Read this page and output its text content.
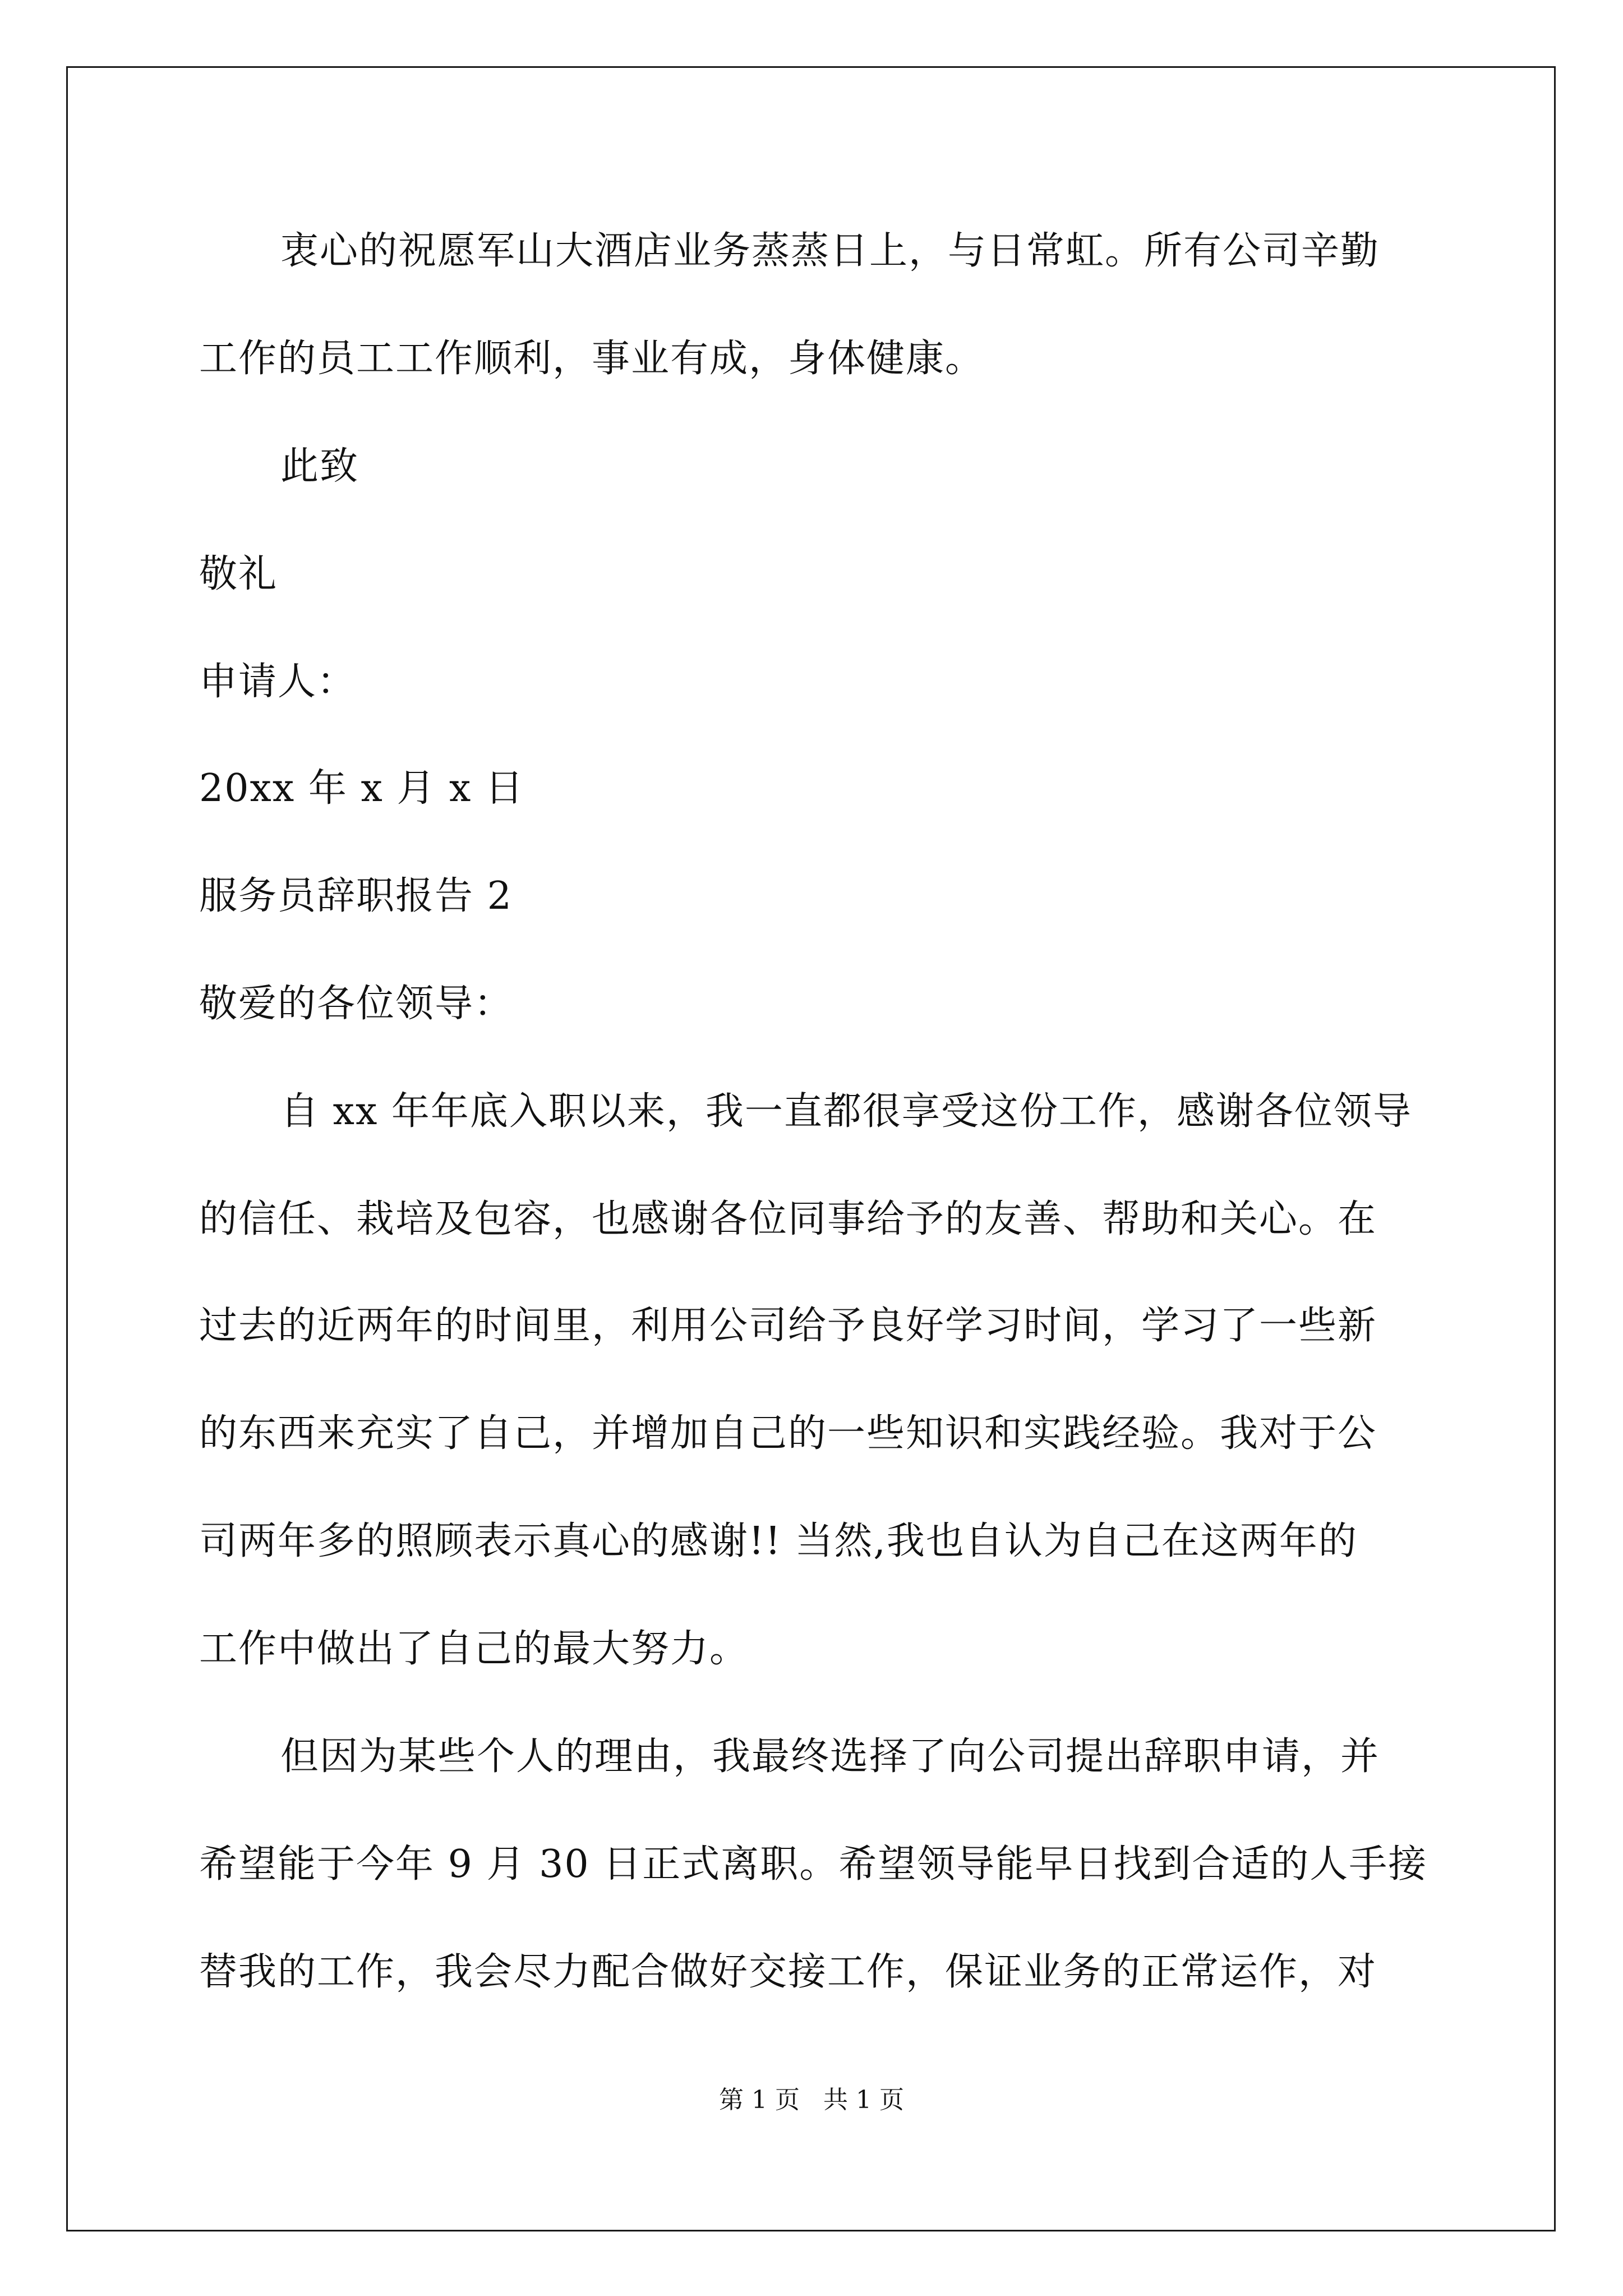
衷心的祝愿军山大酒店业务蒸蒸日上，与日常虹。所有公司辛勤
工作的员工工作顺利，事业有成，身体健康。
此致
敬礼
申请人：
20xx 年 x 月 x 日
服务员辞职报告 2
敬爱的各位领导：
自 xx 年年底入职以来，我一直都很享受这份工作，感谢各位领导
的信任、栽培及包容，也感谢各位同事给予的友善、帮助和关心。在
过去的近两年的时间里，利用公司给予良好学习时间，学习了一些新
的东西来充实了自己，并增加自己的一些知识和实践经验。我对于公
司两年多的照顾表示真心的感谢!! 当然,我也自认为自己在这两年的
工作中做出了自己的最大努力。
但因为某些个人的理由，我最终选择了向公司提出辞职申请，并
希望能于今年 9 月 30 日正式离职。希望领导能早日找到合适的人手接
替我的工作，我会尽力配合做好交接工作，保证业务的正常运作，对
第 1 页   共 1 页
